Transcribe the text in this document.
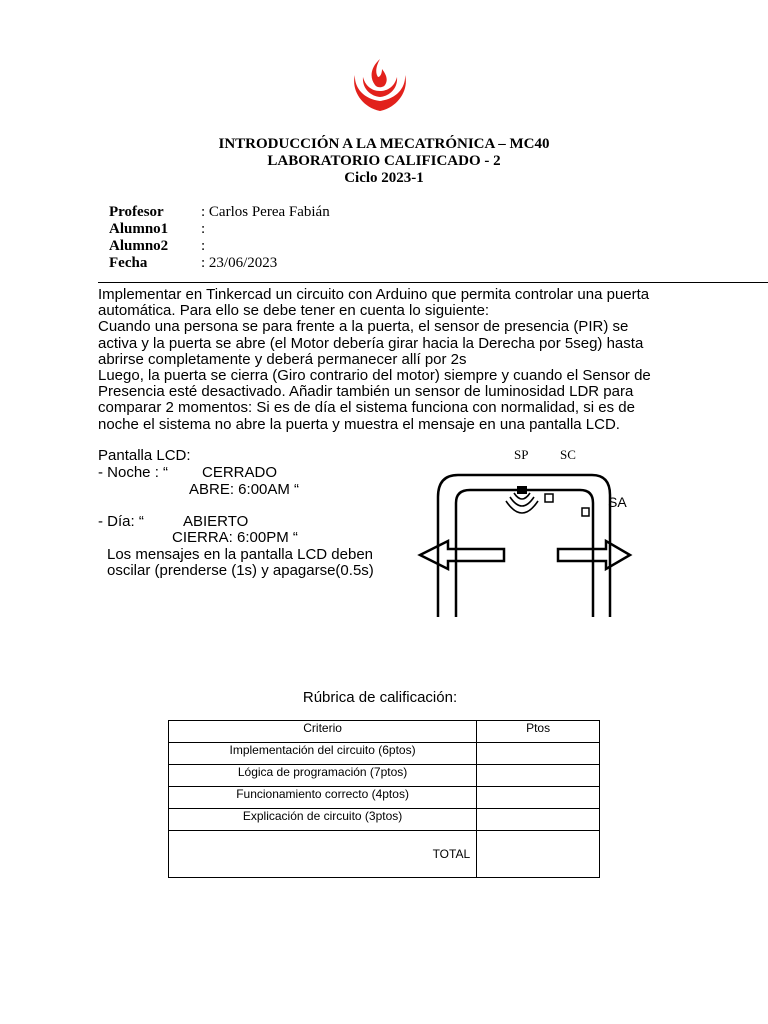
INTRODUCCIÓN A LA MECATRÓNICA – MC40
LABORATORIO CALIFICADO - 2
Ciclo 2023-1
Profesor : Carlos Perea Fabián
Alumno1 :
Alumno2 :
Fecha	: 23/06/2023
Implementar en Tinkercad un circuito con Arduino que permita controlar una puerta
automática. Para ello se debe tener en cuenta lo siguiente:
Cuando una persona se para frente a la puerta, el sensor de presencia (PIR) se
activa y la puerta se abre (el Motor debería girar hacia la Derecha por 5seg) hasta
abrirse completamente y deberá permanecer allí por 2s
Luego, la puerta se cierra (Giro contrario del motor) siempre y cuando el Sensor de
Presencia esté desactivado. Añadir también un sensor de luminosidad LDR para
comparar 2 momentos: Si es de día el sistema funciona con normalidad, si es de
noche el sistema no abre la puerta y muestra el mensaje en una pantalla LCD.
Pantalla LCD:
- Noche : “ CERRADO
ABRE: 6:00AM “
- Día: “	ABIERTO
CIERRA: 6:00PM “
Los mensajes en la pantalla LCD deben
oscilar (prenderse (1s) y apagarse(0.5s)
SP SC
SA
Rúbrica de calificación:
Criterio	Ptos
Implementación del circuito (6ptos)	
Lógica de programación (7ptos)	
Funcionamiento correcto (4ptos)	
Explicación de circuito (3ptos)	
TOTAL	
